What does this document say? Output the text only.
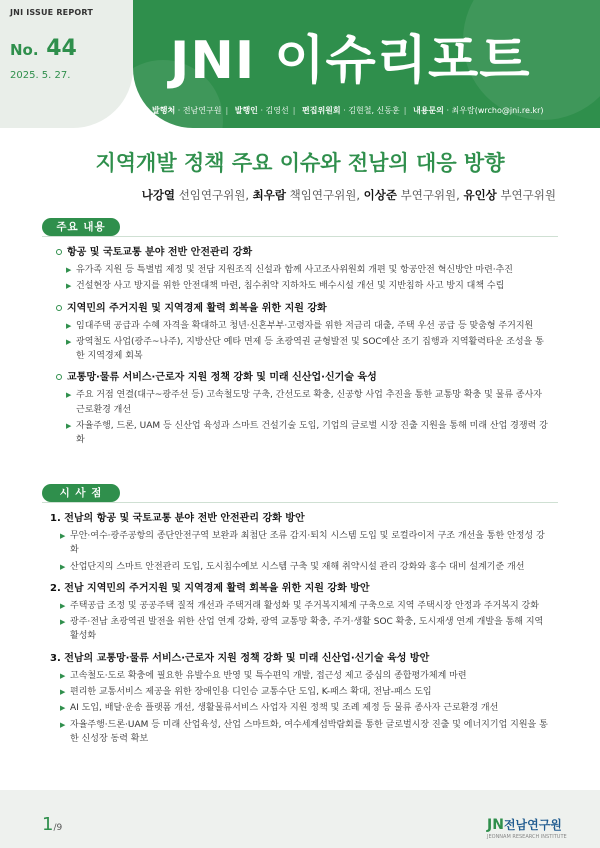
JNI ISSUE REPORT
No. 44
2025. 5. 27. JNI 이슈리포트
발행처 · 전남연구원 | 발행인 · 김영선 | 편집위원회 · 김현철, 신동훈 | 내용문의 · 최우람(wrcho@jni.re.kr)
지역개발 정책 주요 이슈와 전남의 대응 방향
나강열 선임연구위원, 최우람 책임연구위원, 이상준 부연구위원, 유인상 부연구위원
주요 내용
항공 및 국토교통 분야 전반 안전관리 강화
▶ 유가족 지원 등 특별법 제정 및 전담 지원조직 신설과 함께 사고조사위원회 개편 및 항공안전 혁신방안 마련·추진
▶ 건설현장 사고 방지를 위한 안전대책 마련, 침수취약 지하차도 배수시설 개선 및 지반침하 사고 방지 대책 수립
지역민의 주거지원 및 지역경제 활력 회복을 위한 지원 강화
▶ 임대주택 공급과 수혜 자격을 확대하고 청년·신혼부부·고령자를 위한 저금리 대출, 주택 우선 공급 등 맞춤형 주거지원
▶ 광역철도 사업(광주~나주), 지방산단 예타 면제 등 초광역권 균형발전 및 SOC예산 조기 집행과 지역활력타운 조성을 통한 지역경제 회복
교통망·물류 서비스·근로자 지원 정책 강화 및 미래 신산업·신기술 육성
▶ 주요 거점 연결(대구~광주선 등) 고속철도망 구축, 간선도로 확충, 신공항 사업 추진을 통한 교통망 확충 및 물류 종사자 근로환경 개선
▶ 자율주행, 드론, UAM 등 신산업 육성과 스마트 건설기술 도입, 기업의 글로벌 시장 진출 지원을 통해 미래 산업 경쟁력 강화
시 사 점
1. 전남의 항공 및 국토교통 분야 전반 안전관리 강화 방안
▶ 무안·여수·광주공항의 종단안전구역 보완과 최첨단 조류 감지·퇴치 시스템 도입 및 로컬라이저 구조 개선을 통한 안정성 강화
▶ 산업단지의 스마트 안전관리 도입, 도시침수예보 시스템 구축 및 재해 취약시설 관리 강화와 홍수 대비 설계기준 개선
2. 전남 지역민의 주거지원 및 지역경제 활력 회복을 위한 지원 강화 방안
▶ 주택공급 조정 및 공공주택 질적 개선과 주택거래 활성화 및 주거복지체계 구축으로 지역 주택시장 안정과 주거복지 강화
▶ 광주·전남 초광역권 발전을 위한 산업 연계 강화, 광역 교통망 확충, 주거·생활 SOC 확충, 도시재생 연계 개발을 통해 지역 활성화
3. 전남의 교통망·물류 서비스·근로자 지원 정책 강화 및 미래 신산업·신기술 육성 방안
▶ 고속철도·도로 확충에 필요한 유발수요 반영 및 특수편익 개발, 접근성 제고 중심의 종합평가체계 마련
▶ 편리한 교통서비스 제공을 위한 장애인용 디인승 교통수단 도입, K-패스 확대, 전남-패스 도입
▶ AI 도입, 배달·운송 플랫폼 개선, 생활물류서비스 사업자 지원 정책 및 조례 제정 등 물류 종사자 근로환경 개선
▶ 자율주행·드론·UAM 등 미래 산업육성, 산업 스마트화, 여수세계섬박람회를 통한 글로벌시장 진출 및 에너지기업 지원을 통한 신성장 동력 확보
1/9	JN전남연구원
JEONNAM RESEARCH INSTITUTE
